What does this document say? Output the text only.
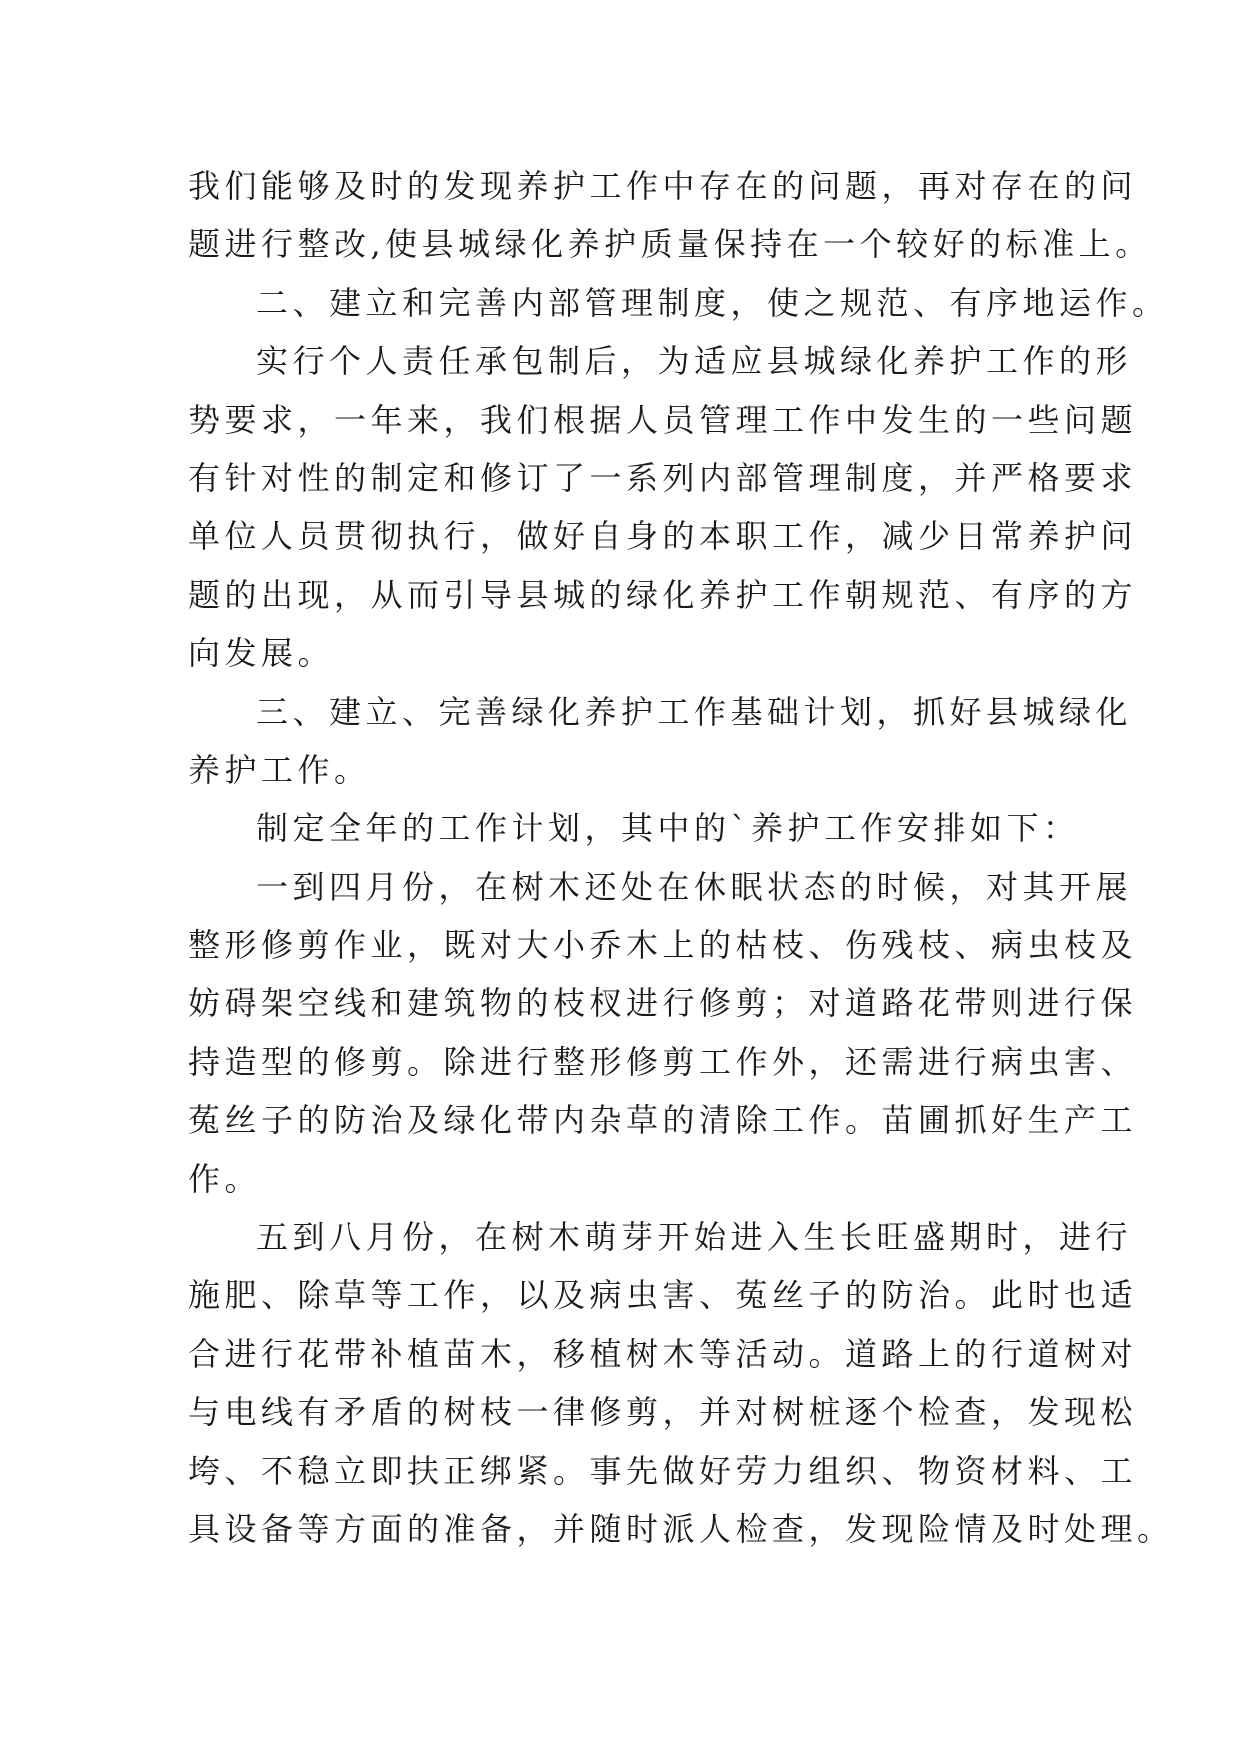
我们能够及时的发现养护工作中存在的问题，再对存在的问
题进行整改,使县城绿化养护质量保持在一个较好的标准上。
二、建立和完善内部管理制度，使之规范、有序地运作。
实行个人责任承包制后，为适应县城绿化养护工作的形
势要求，一年来，我们根据人员管理工作中发生的一些问题
有针对性的制定和修订了一系列内部管理制度，并严格要求
单位人员贯彻执行，做好自身的本职工作，减少日常养护问
题的出现，从而引导县城的绿化养护工作朝规范、有序的方
向发展。
三、建立、完善绿化养护工作基础计划，抓好县城绿化
养护工作。
制定全年的工作计划，其中的`养护工作安排如下：
一到四月份，在树木还处在休眠状态的时候，对其开展
整形修剪作业，既对大小乔木上的枯枝、伤残枝、病虫枝及
妨碍架空线和建筑物的枝杈进行修剪；对道路花带则进行保
持造型的修剪。除进行整形修剪工作外，还需进行病虫害、
菟丝子的防治及绿化带内杂草的清除工作。苗圃抓好生产工
作。
五到八月份，在树木萌芽开始进入生长旺盛期时，进行
施肥、除草等工作，以及病虫害、菟丝子的防治。此时也适
合进行花带补植苗木，移植树木等活动。道路上的行道树对
与电线有矛盾的树枝一律修剪，并对树桩逐个检查，发现松
垮、不稳立即扶正绑紧。事先做好劳力组织、物资材料、工
具设备等方面的准备，并随时派人检查，发现险情及时处理。
